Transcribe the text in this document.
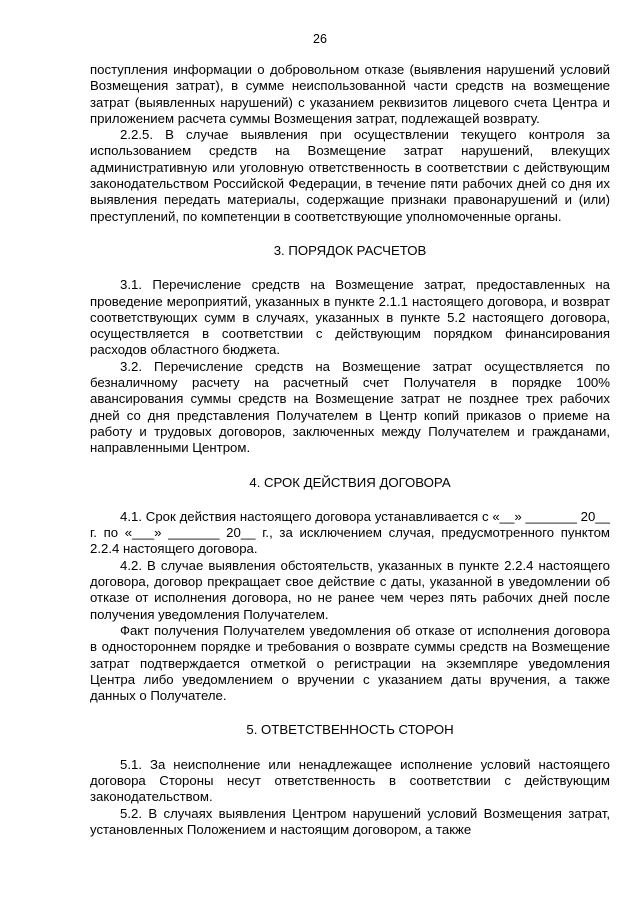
26

поступления информации о добровольном отказе (выявления нарушений условий Возмещения затрат), в сумме неиспользованной части средств на возмещение затрат (выявленных нарушений) с указанием реквизитов лицевого счета Центра и приложением расчета суммы Возмещения затрат, подлежащей возврату.

2.2.5. В случае выявления при осуществлении текущего контроля за использованием средств на Возмещение затрат нарушений, влекущих административную или уголовную ответственность в соответствии с действующим законодательством Российской Федерации, в течение пяти рабочих дней со дня их выявления передать материалы, содержащие признаки правонарушений и (или) преступлений, по компетенции в соответствующие уполномоченные органы.

3. ПОРЯДОК РАСЧЕТОВ

3.1. Перечисление средств на Возмещение затрат, предоставленных на проведение мероприятий, указанных в пункте 2.1.1 настоящего договора, и возврат соответствующих сумм в случаях, указанных в пункте 5.2 настоящего договора, осуществляется в соответствии с действующим порядком финансирования расходов областного бюджета.

3.2. Перечисление средств на Возмещение затрат осуществляется по безналичному расчету на расчетный счет Получателя в порядке 100% авансирования суммы средств на Возмещение затрат не позднее трех рабочих дней со дня представления Получателем в Центр копий приказов о приеме на работу и трудовых договоров, заключенных между Получателем и гражданами, направленными Центром.

4. СРОК ДЕЙСТВИЯ ДОГОВОРА

4.1. Срок действия настоящего договора устанавливается с «__» _______ 20__ г. по «___» _______ 20__ г., за исключением случая, предусмотренного пунктом 2.2.4 настоящего договора.

4.2. В случае выявления обстоятельств, указанных в пункте 2.2.4 настоящего договора, договор прекращает свое действие с даты, указанной в уведомлении об отказе от исполнения договора, но не ранее чем через пять рабочих дней после получения уведомления Получателем.

Факт получения Получателем уведомления об отказе от исполнения договора в одностороннем порядке и требования о возврате суммы средств на Возмещение затрат подтверждается отметкой о регистрации на экземпляре уведомления Центра либо уведомлением о вручении с указанием даты вручения, а также данных о Получателе.

5. ОТВЕТСТВЕННОСТЬ СТОРОН

5.1. За неисполнение или ненадлежащее исполнение условий настоящего договора Стороны несут ответственность в соответствии с действующим законодательством.

5.2. В случаях выявления Центром нарушений условий Возмещения затрат, установленных Положением и настоящим договором, а также
